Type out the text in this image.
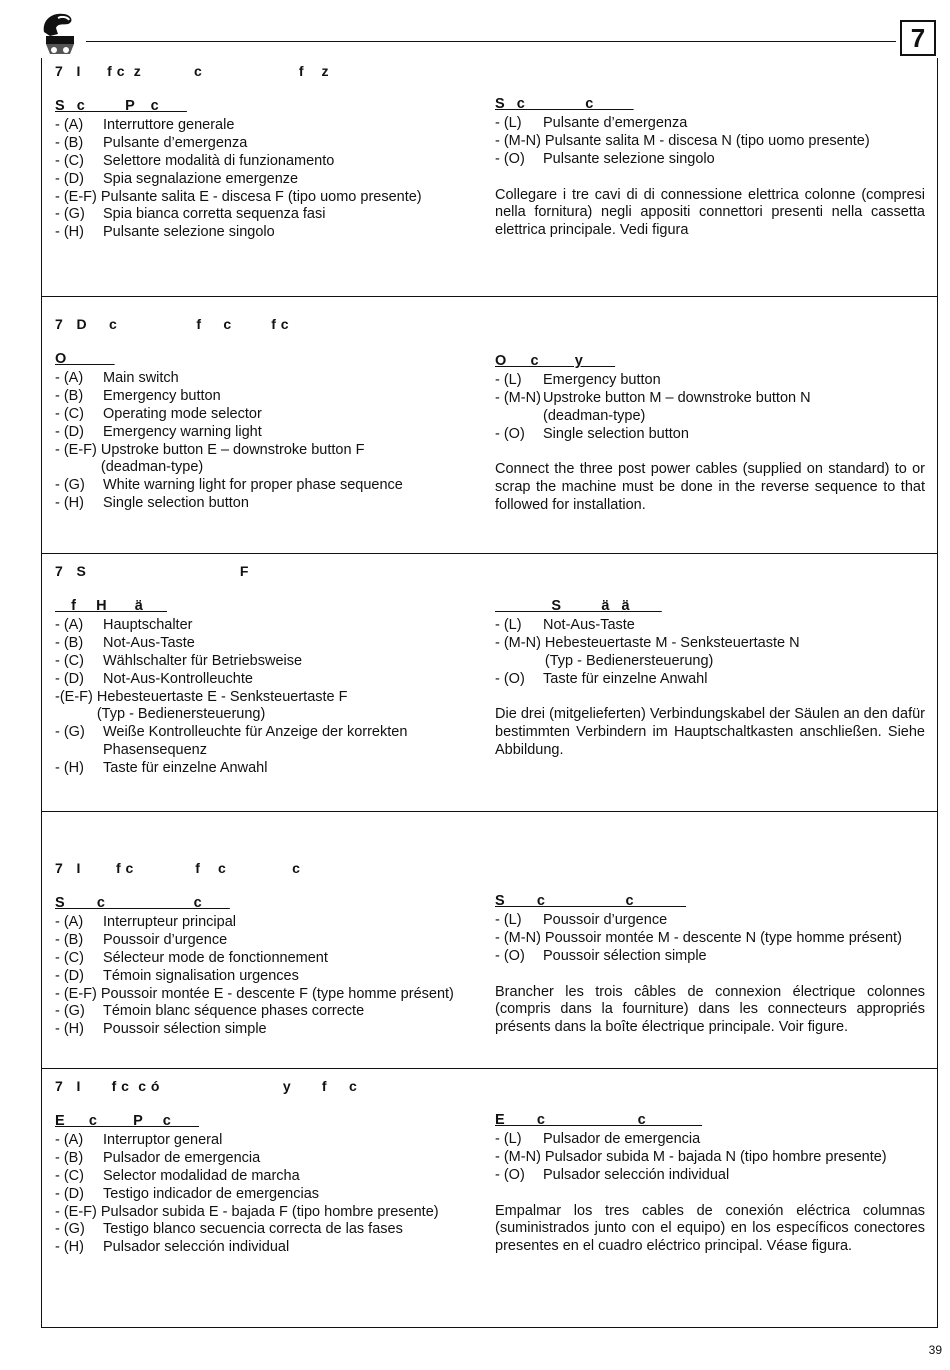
7
7   I      f c  z            c                      f    z
S   c          P    c
- (A)	Interruttore generale
- (B)	Pulsante d’emergenza
- (C)	Selettore modalità di funzionamento
- (D)	Spia segnalazione emergenze
- (E-F) Pulsante salita E - discesa F (tipo uomo presente)
- (G)	Spia bianca corretta sequenza fasi
- (H)	Pulsante selezione singolo
S   c               c
- (L)	Pulsante d’emergenza
- (M-N) Pulsante salita M - discesa N (tipo uomo presente)
- (O)	Pulsante selezione singolo
Collegare i tre cavi di di connessione elettrica colonne (compresi nella fornitura) negli appositi connettori presenti nella cassetta elettrica principale. Vedi figura
7   D     c                  f     c         f c
O
- (A)	Main switch
- (B)	Emergency button
- (C)	Operating mode selector
- (D)	Emergency warning light
- (E-F) Upstroke button E – downstroke button F (deadman-type)
- (G)	White warning light for proper phase sequence
- (H)	Single selection button
O      c         y
- (L)	Emergency button
- (M-N) Upstroke button M – downstroke button N (deadman-type)
- (O)	Single selection button
Connect the three post power cables (supplied on standard) to or scrap the machine must be done in the reverse sequence to that followed for installation.
7   S                                   F
f     H       ä
- (A)	Hauptschalter
- (B)	Not-Aus-Taste
- (C)	Wählschalter für Betriebsweise
- (D)	Not-Aus-Kontrolleuchte
-(E-F) Hebesteuertaste E - Senksteuertaste F (Typ - Bedienersteuerung)
- (G)	Weiße Kontrolleuchte für Anzeige der korrekten Phasensequenz
- (H)	Taste für einzelne Anwahl
S          ä   ä
- (L)	Not-Aus-Taste
- (M-N) Hebesteuertaste M - Senksteuertaste N (Typ - Bedienersteuerung)
- (O)	Taste für einzelne Anwahl
Die drei (mitgelieferten) Verbindungskabel der Säulen an den dafür bestimmten Verbindern im Hauptschaltkasten anschließen. Siehe Abbildung.
7   I        f c              f    c               c
S        c                      c
- (A)	Interrupteur principal
- (B)	Poussoir d’urgence
- (C)	Sélecteur mode de fonctionnement
- (D)	Témoin signalisation urgences
- (E-F) Poussoir montée E - descente F (type homme présent)
- (G)	Témoin blanc séquence phases correcte
- (H)	Poussoir sélection simple
S        c                    c
- (L)	Poussoir d’urgence
- (M-N) Poussoir montée M - descente N (type homme présent)
- (O)	Poussoir sélection simple
Brancher les trois câbles de connexion électrique colonnes (compris dans la fourniture) dans les connecteurs appropriés présents dans la boîte électrique principale. Voir figure.
7   I       f c  c ó                            y       f     c
E      c         P     c
- (A)	Interruptor general
- (B)	Pulsador de emergencia
- (C)	Selector modalidad de marcha
- (D)	Testigo indicador de emergencias
- (E-F) Pulsador subida E - bajada F (tipo hombre presente)
- (G)	Testigo blanco secuencia correcta de las fases
- (H)	Pulsador selección individual
E        c                       c
- (L)	Pulsador de emergencia
- (M-N) Pulsador subida M - bajada N (tipo hombre presente)
- (O)	Pulsador selección individual
Empalmar los tres cables de conexión eléctrica columnas (suministrados junto con el equipo) en los específicos conectores presentes en el cuadro eléctrico principal. Véase figura.
39
